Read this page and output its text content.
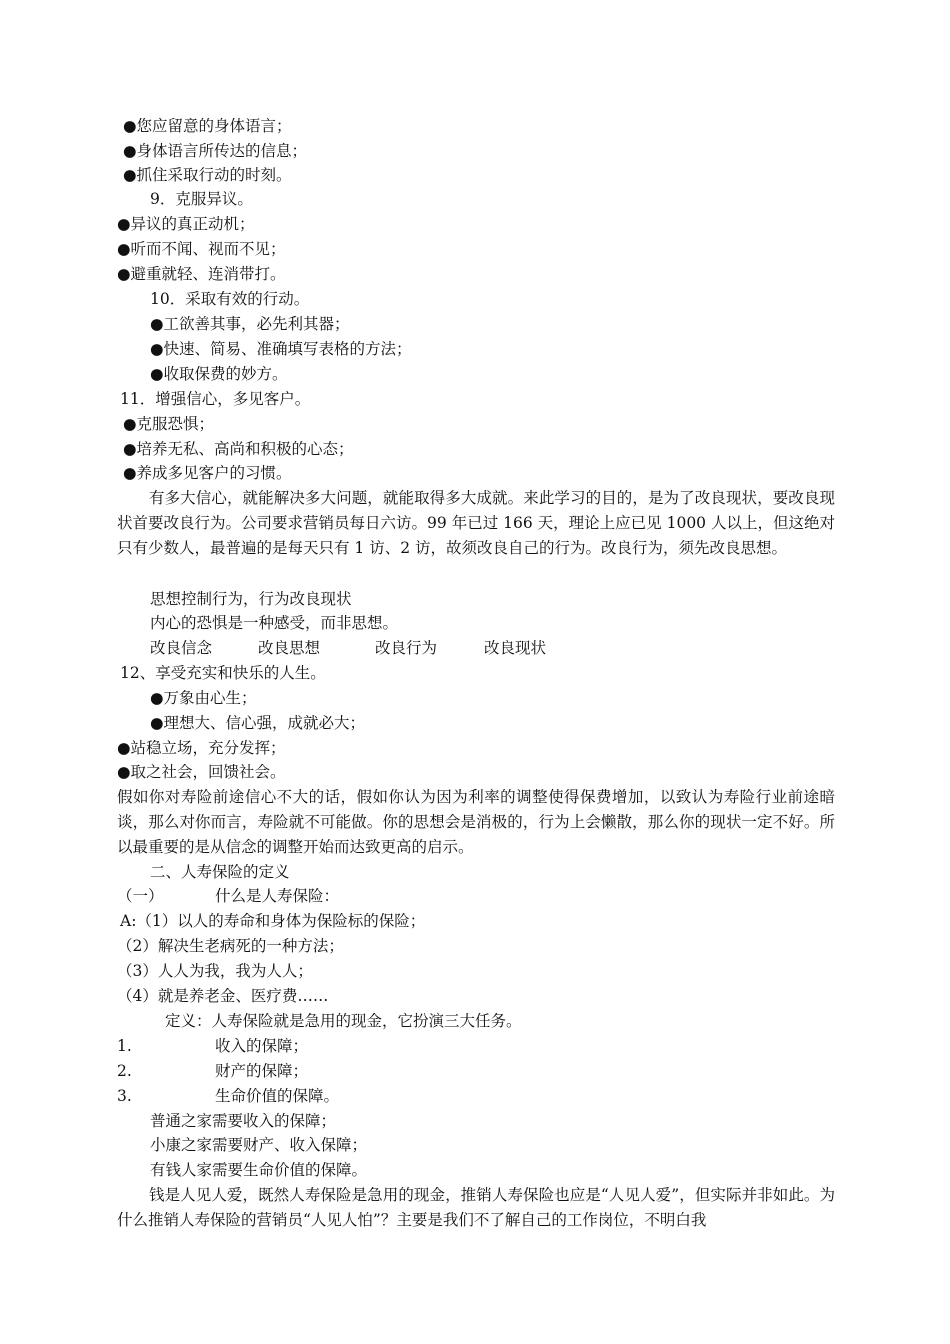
●您应留意的身体语言；
●身体语言所传达的信息；
●抓住采取行动的时刻。
9．克服异议。
●异议的真正动机；
●听而不闻、视而不见；
●避重就轻、连消带打。
10．采取有效的行动。
●工欲善其事，必先利其器；
●快速、简易、准确填写表格的方法；
●收取保费的妙方。
11．增强信心，多见客户。
●克服恐惧；
●培养无私、高尚和积极的心态；
●养成多见客户的习惯。
有多大信心，就能解决多大问题，就能取得多大成就。来此学习的目的，是为了改良现状，要改良现状首要改良行为。公司要求营销员每日六访。99 年已过 166 天，理论上应已见 1000 人以上，但这绝对只有少数人，最普遍的是每天只有 1 访、2 访，故须改良自己的行为。改良行为，须先改良思想。
思想控制行为，行为改良现状
内心的恐惧是一种感受，而非思想。
改良信念	改良思想	改良行为	改良现状
12、享受充实和快乐的人生。
●万象由心生；
●理想大、信心强，成就必大；
●站稳立场，充分发挥；
●取之社会，回馈社会。
假如你对寿险前途信心不大的话，假如你认为因为利率的调整使得保费增加，以致认为寿险行业前途暗谈，那么对你而言，寿险就不可能做。你的思想会是消极的，行为上会懒散，那么你的现状一定不好。所以最重要的是从信念的调整开始而达致更高的启示。
二、人寿保险的定义
（一）	什么是人寿保险：
A:（1）以人的寿命和身体为保险标的保险；
（2）解决生老病死的一种方法；
（3）人人为我，我为人人；
（4）就是养老金、医疗费……
定义：人寿保险就是急用的现金，它扮演三大任务。
1.	收入的保障；
2.	财产的保障；
3.	生命价值的保障。
普通之家需要收入的保障；
小康之家需要财产、收入保障；
有钱人家需要生命价值的保障。
钱是人见人爱，既然人寿保险是急用的现金，推销人寿保险也应是“人见人爱”，但实际并非如此。为什么推销人寿保险的营销员“人见人怕”？主要是我们不了解自己的工作岗位，不明白我
